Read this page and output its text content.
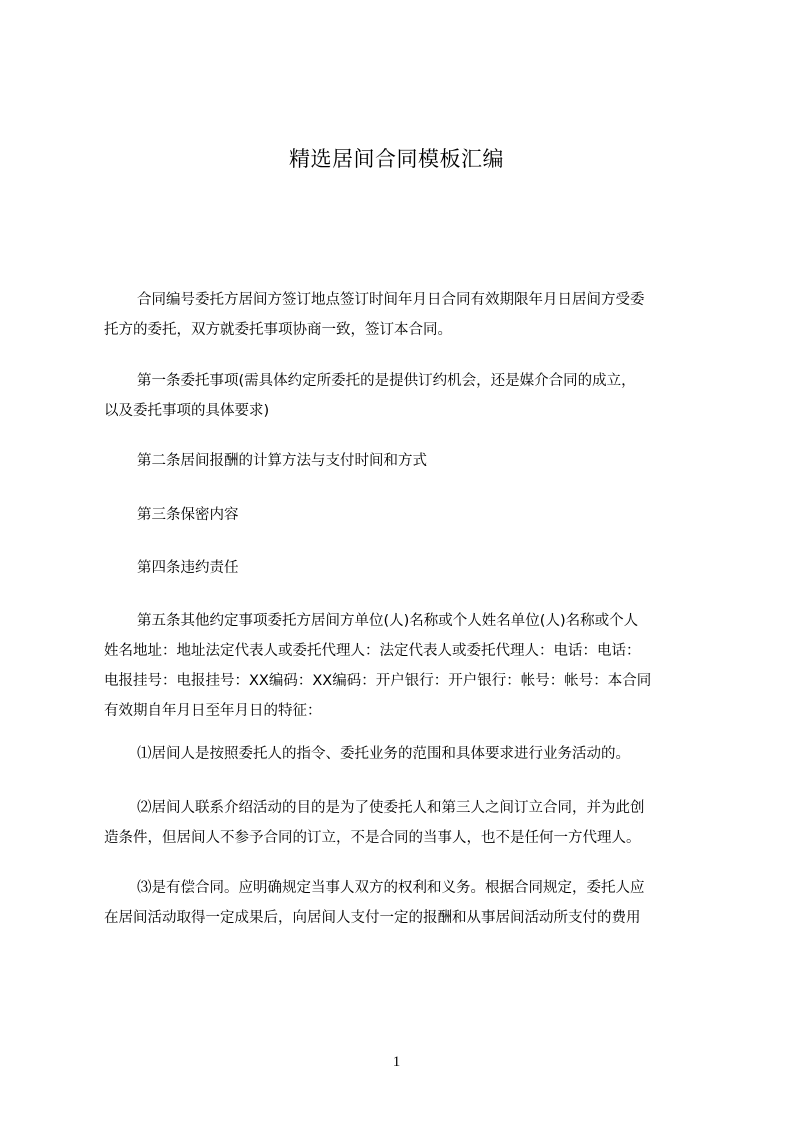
精选居间合同模板汇编
合同编号委托方居间方签订地点签订时间年月日合同有效期限年月日居间方受委
托方的委托，双方就委托事项协商一致，签订本合同。
第一条委托事项(需具体约定所委托的是提供订约机会，还是媒介合同的成立，
以及委托事项的具体要求)
第二条居间报酬的计算方法与支付时间和方式
第三条保密内容
第四条违约责任
第五条其他约定事项委托方居间方单位(人)名称或个人姓名单位(人)名称或个人
姓名地址：地址法定代表人或委托代理人：法定代表人或委托代理人：电话：电话：
电报挂号：电报挂号：XX编码：XX编码：开户银行：开户银行：帐号：帐号：本合同
有效期自年月日至年月日的特征：
⑴居间人是按照委托人的指令、委托业务的范围和具体要求进行业务活动的。
⑵居间人联系介绍活动的目的是为了使委托人和第三人之间订立合同，并为此创
造条件，但居间人不参予合同的订立，不是合同的当事人，也不是任何一方代理人。
⑶是有偿合同。应明确规定当事人双方的权利和义务。根据合同规定，委托人应
在居间活动取得一定成果后，向居间人支付一定的报酬和从事居间活动所支付的费用
1
